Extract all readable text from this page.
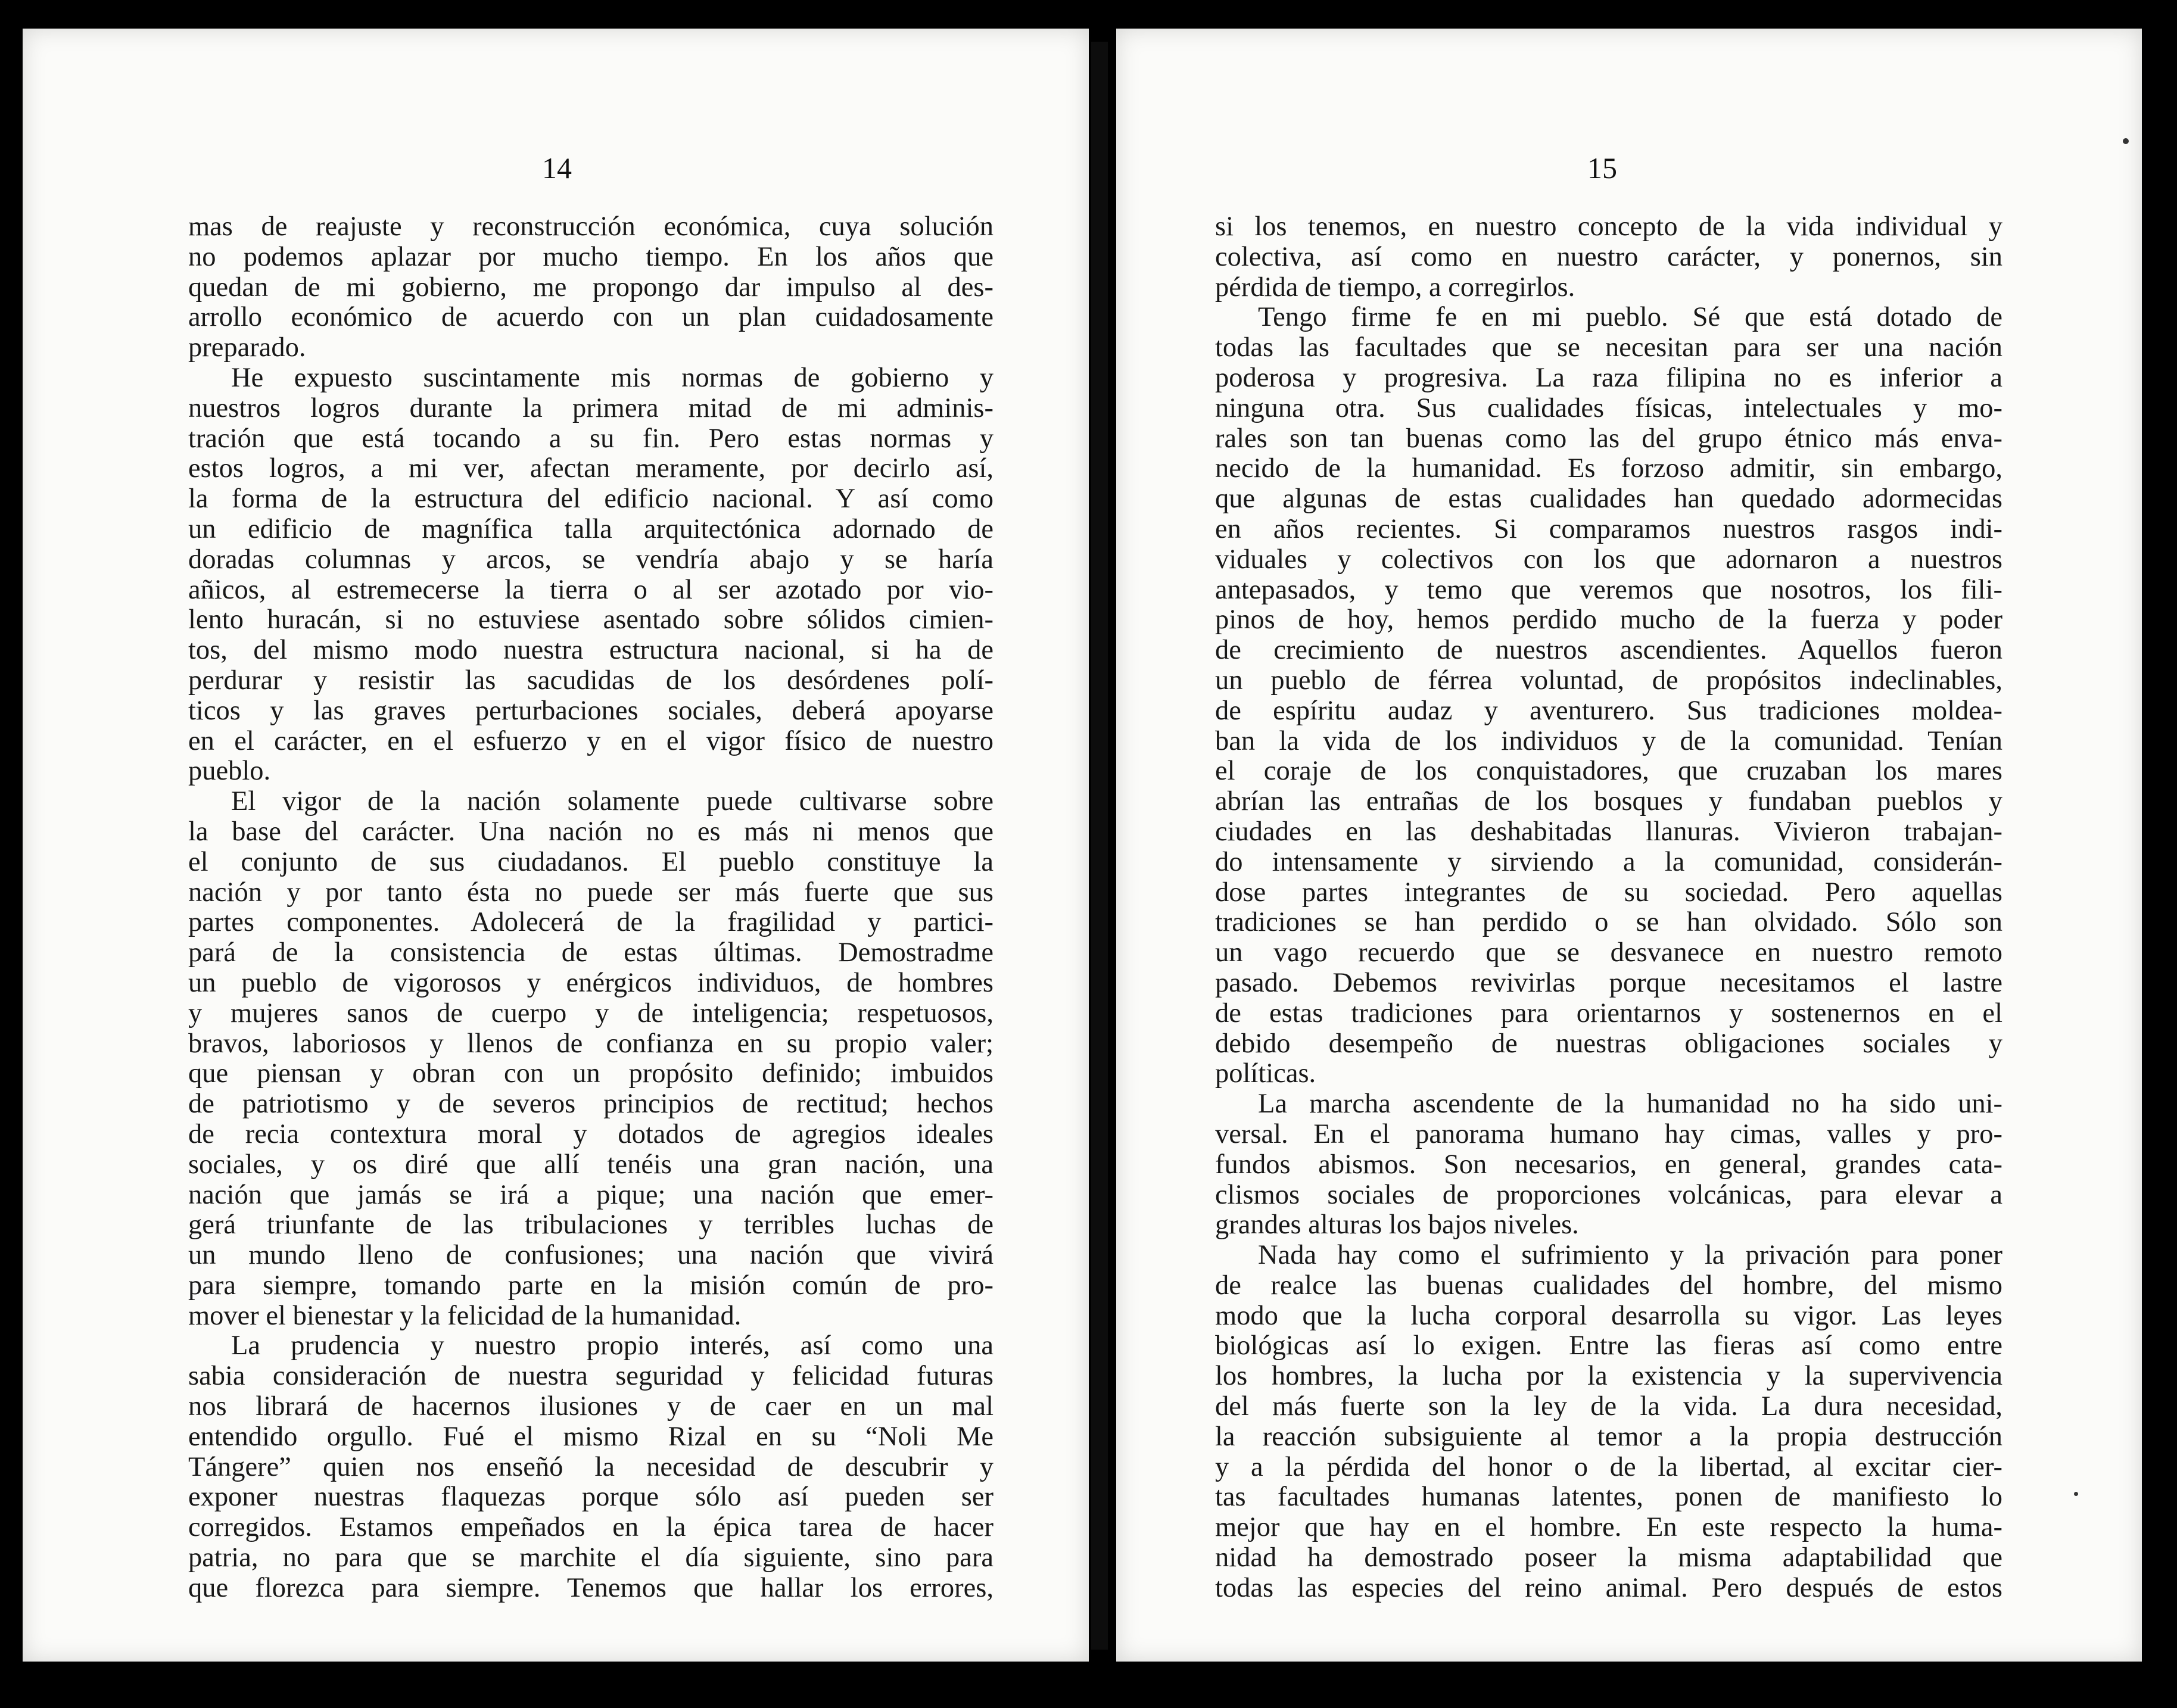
14
mas de reajuste y reconstrucción económica, cuya solución
no podemos aplazar por mucho tiempo. En los años que
quedan de mi gobierno, me propongo dar impulso al des-
arrollo económico de acuerdo con un plan cuidadosamente
preparado.
He expuesto suscintamente mis normas de gobierno y
nuestros logros durante la primera mitad de mi adminis-
tración que está tocando a su fin. Pero estas normas y
estos logros, a mi ver, afectan meramente, por decirlo así,
la forma de la estructura del edificio nacional. Y así como
un edificio de magnífica talla arquitectónica adornado de
doradas columnas y arcos, se vendría abajo y se haría
añicos, al estremecerse la tierra o al ser azotado por vio-
lento huracán, si no estuviese asentado sobre sólidos cimien-
tos, del mismo modo nuestra estructura nacional, si ha de
perdurar y resistir las sacudidas de los desórdenes polí-
ticos y las graves perturbaciones sociales, deberá apoyarse
en el carácter, en el esfuerzo y en el vigor físico de nuestro
pueblo.
El vigor de la nación solamente puede cultivarse sobre
la base del carácter. Una nación no es más ni menos que
el conjunto de sus ciudadanos. El pueblo constituye la
nación y por tanto ésta no puede ser más fuerte que sus
partes componentes. Adolecerá de la fragilidad y partici-
pará de la consistencia de estas últimas. Demostradme
un pueblo de vigorosos y enérgicos individuos, de hombres
y mujeres sanos de cuerpo y de inteligencia; respetuosos,
bravos, laboriosos y llenos de confianza en su propio valer;
que piensan y obran con un propósito definido; imbuidos
de patriotismo y de severos principios de rectitud; hechos
de recia contextura moral y dotados de agregios ideales
sociales, y os diré que allí tenéis una gran nación, una
nación que jamás se irá a pique; una nación que emer-
gerá triunfante de las tribulaciones y terribles luchas de
un mundo lleno de confusiones; una nación que vivirá
para siempre, tomando parte en la misión común de pro-
mover el bienestar y la felicidad de la humanidad.
La prudencia y nuestro propio interés, así como una
sabia consideración de nuestra seguridad y felicidad futuras
nos librará de hacernos ilusiones y de caer en un mal
entendido orgullo. Fué el mismo Rizal en su “Noli Me
Tángere” quien nos enseñó la necesidad de descubrir y
exponer nuestras flaquezas porque sólo así pueden ser
corregidos. Estamos empeñados en la épica tarea de hacer
patria, no para que se marchite el día siguiente, sino para
que florezca para siempre. Tenemos que hallar los errores,
15
si los tenemos, en nuestro concepto de la vida individual y
colectiva, así como en nuestro carácter, y ponernos, sin
pérdida de tiempo, a corregirlos.
Tengo firme fe en mi pueblo. Sé que está dotado de
todas las facultades que se necesitan para ser una nación
poderosa y progresiva. La raza filipina no es inferior a
ninguna otra. Sus cualidades físicas, intelectuales y mo-
rales son tan buenas como las del grupo étnico más enva-
necido de la humanidad. Es forzoso admitir, sin embargo,
que algunas de estas cualidades han quedado adormecidas
en años recientes. Si comparamos nuestros rasgos indi-
viduales y colectivos con los que adornaron a nuestros
antepasados, y temo que veremos que nosotros, los fili-
pinos de hoy, hemos perdido mucho de la fuerza y poder
de crecimiento de nuestros ascendientes. Aquellos fueron
un pueblo de férrea voluntad, de propósitos indeclinables,
de espíritu audaz y aventurero. Sus tradiciones moldea-
ban la vida de los individuos y de la comunidad. Tenían
el coraje de los conquistadores, que cruzaban los mares
abrían las entrañas de los bosques y fundaban pueblos y
ciudades en las deshabitadas llanuras. Vivieron trabajan-
do intensamente y sirviendo a la comunidad, considerán-
dose partes integrantes de su sociedad. Pero aquellas
tradiciones se han perdido o se han olvidado. Sólo son
un vago recuerdo que se desvanece en nuestro remoto
pasado. Debemos revivirlas porque necesitamos el lastre
de estas tradiciones para orientarnos y sostenernos en el
debido desempeño de nuestras obligaciones sociales y
políticas.
La marcha ascendente de la humanidad no ha sido uni-
versal. En el panorama humano hay cimas, valles y pro-
fundos abismos. Son necesarios, en general, grandes cata-
clismos sociales de proporciones volcánicas, para elevar a
grandes alturas los bajos niveles.
Nada hay como el sufrimiento y la privación para poner
de realce las buenas cualidades del hombre, del mismo
modo que la lucha corporal desarrolla su vigor. Las leyes
biológicas así lo exigen. Entre las fieras así como entre
los hombres, la lucha por la existencia y la supervivencia
del más fuerte son la ley de la vida. La dura necesidad,
la reacción subsiguiente al temor a la propia destrucción
y a la pérdida del honor o de la libertad, al excitar cier-
tas facultades humanas latentes, ponen de manifiesto lo
mejor que hay en el hombre. En este respecto la huma-
nidad ha demostrado poseer la misma adaptabilidad que
todas las especies del reino animal. Pero después de estos
